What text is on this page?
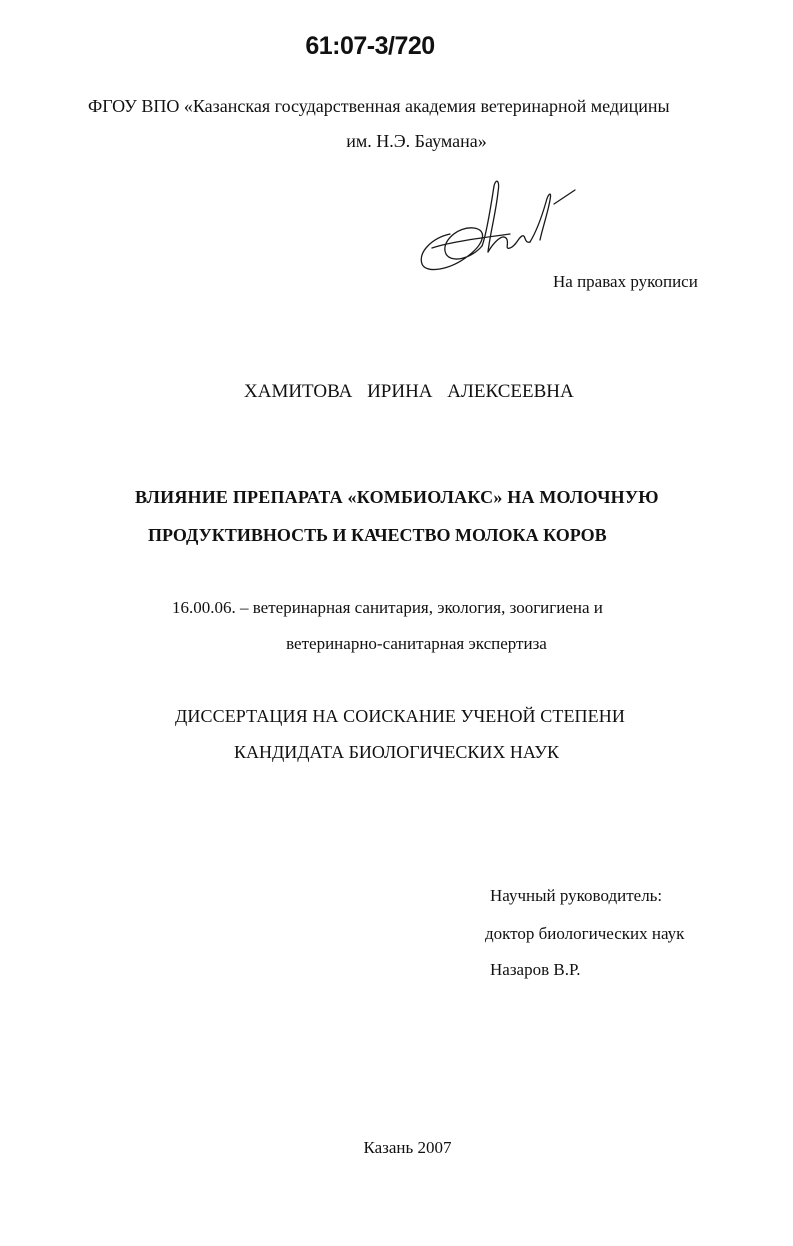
61:07-3/720
ФГОУ ВПО «Казанская государственная академия ветеринарной медицины
им. Н.Э. Баумана»
На правах рукописи
ХАМИТОВА ИРИНА АЛЕКСЕЕВНА
ВЛИЯНИЕ ПРЕПАРАТА «КОМБИОЛАКС» НА МОЛОЧНУЮ
ПРОДУКТИВНОСТЬ И КАЧЕСТВО МОЛОКА КОРОВ
16.00.06. – ветеринарная санитария, экология, зоогигиена и
ветеринарно-санитарная экспертиза
ДИССЕРТАЦИЯ НА СОИСКАНИЕ УЧЕНОЙ СТЕПЕНИ
КАНДИДАТА БИОЛОГИЧЕСКИХ НАУК
Научный руководитель:
доктор биологических наук
Назаров В.Р.
Казань 2007
